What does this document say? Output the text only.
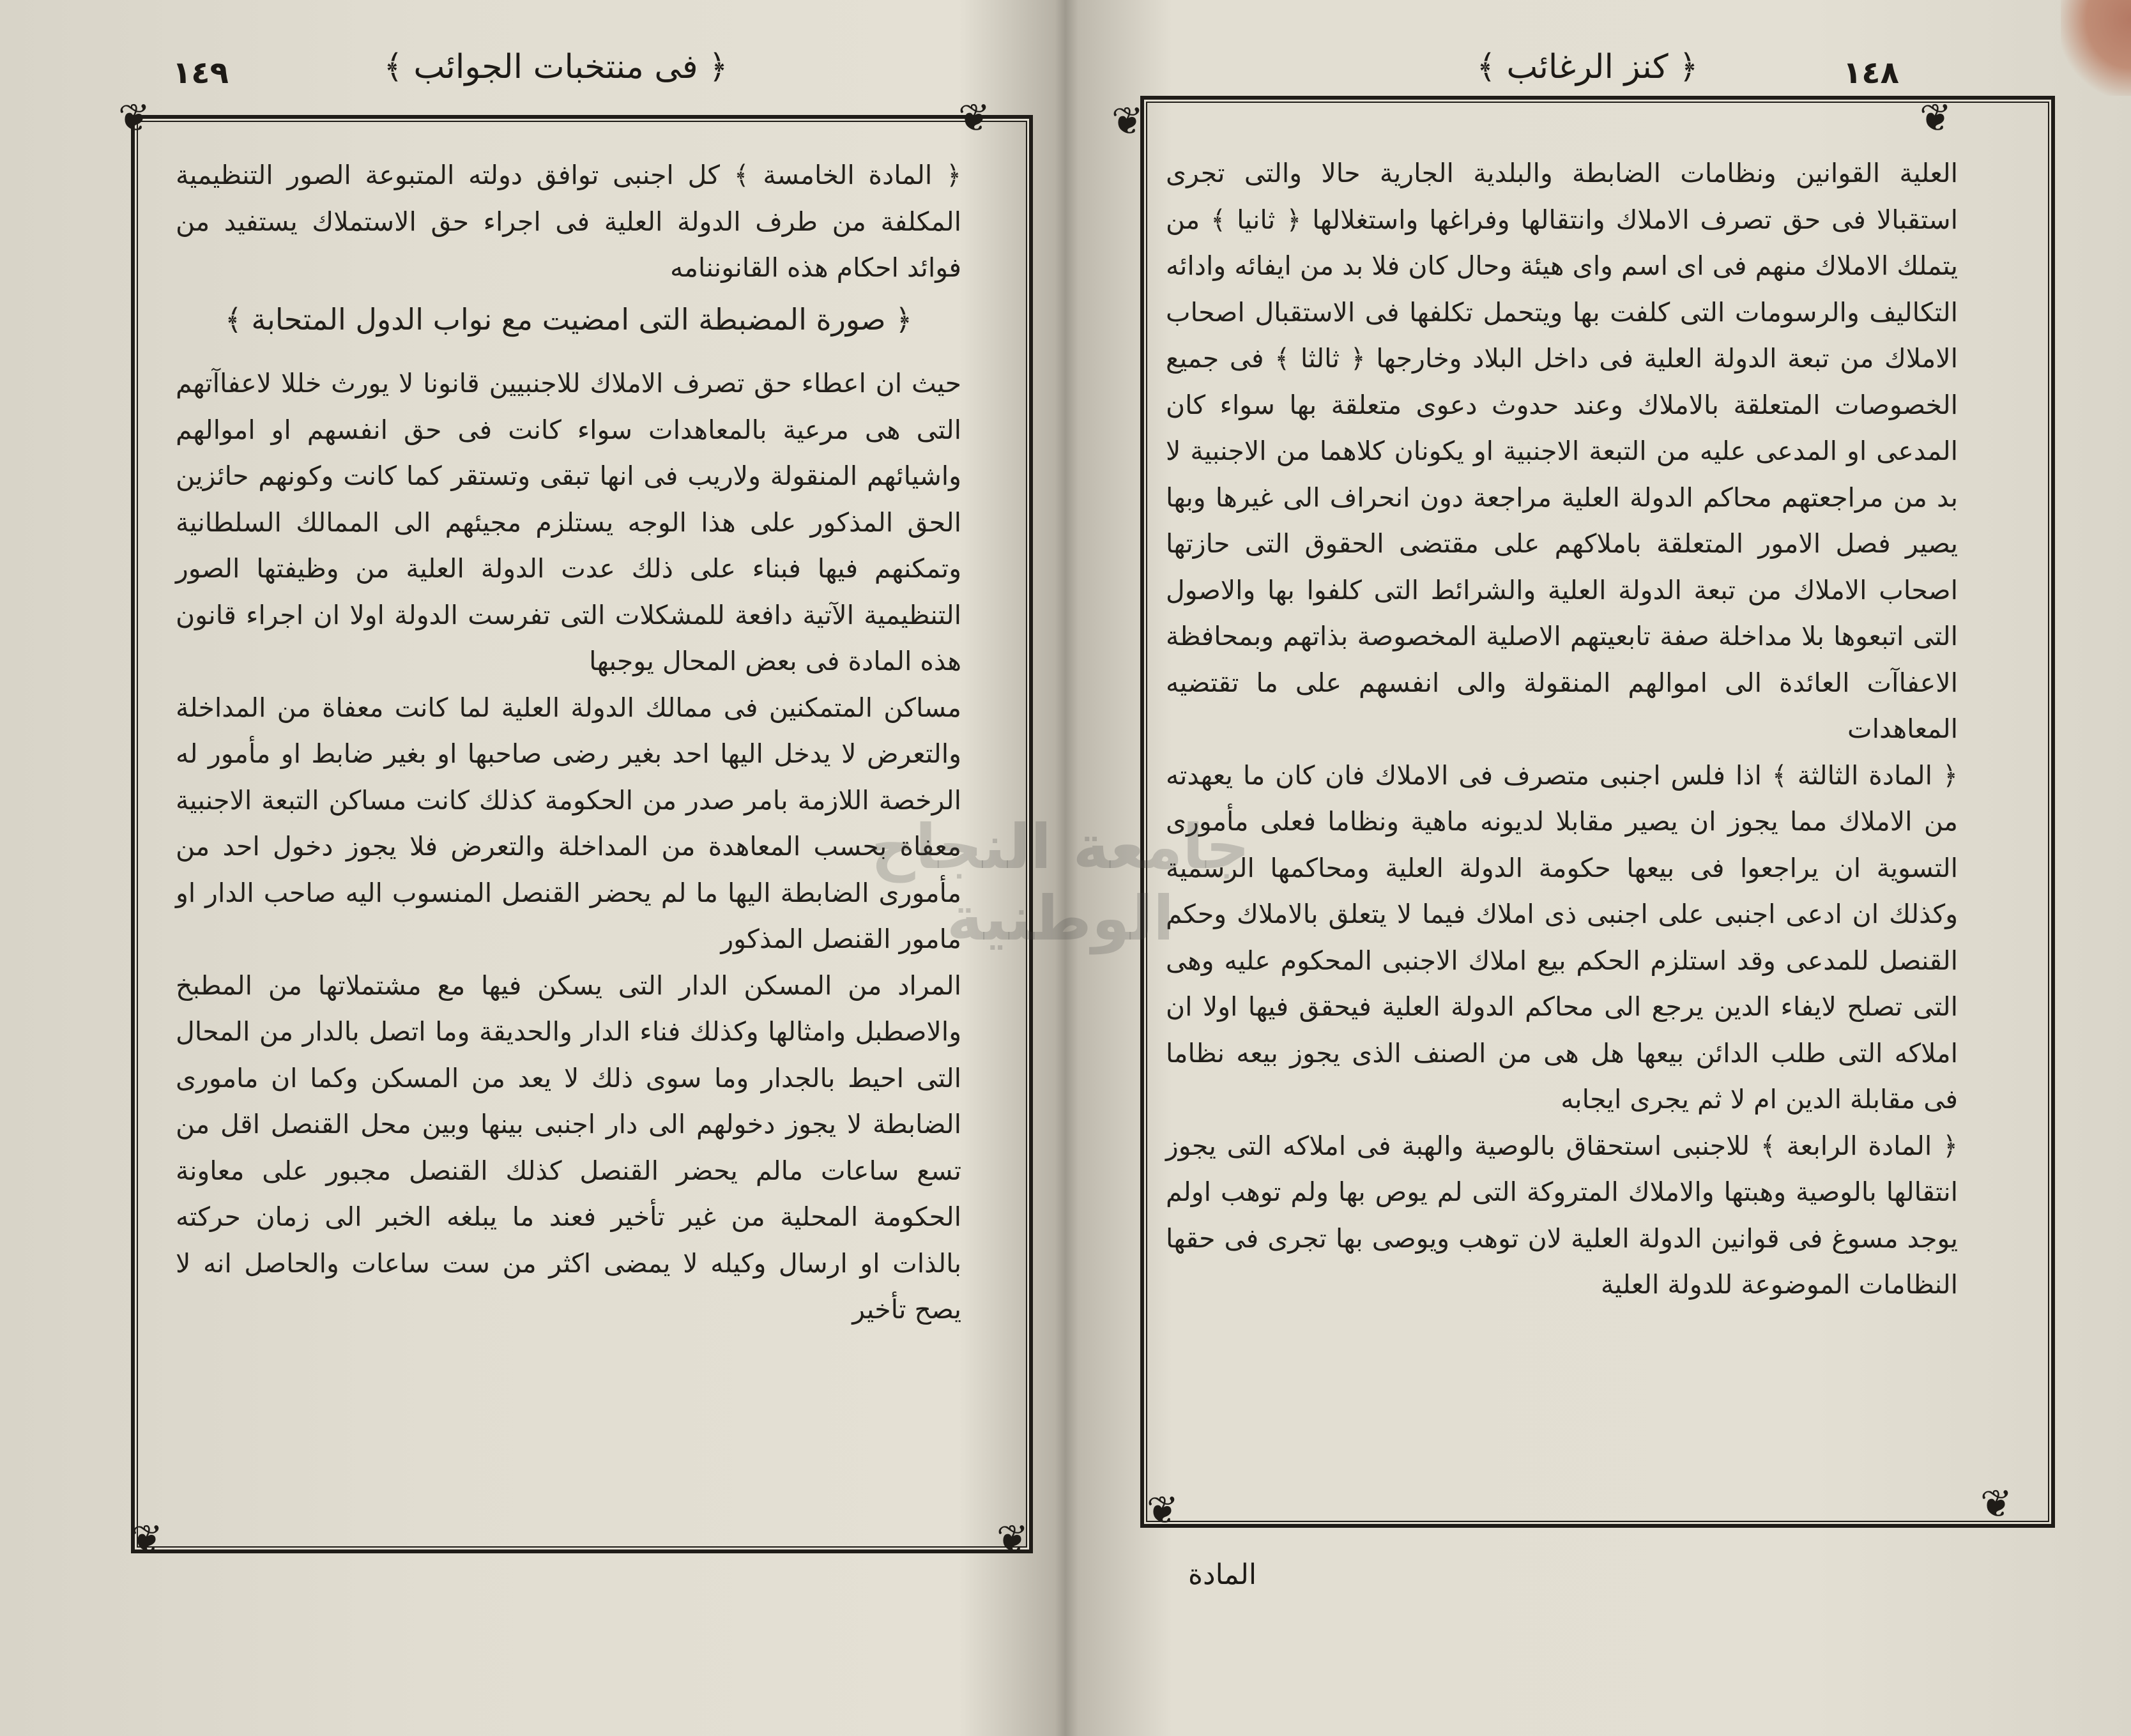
﴿ فى منتخبات الجوائب ﴾
١٤٩
❦	❦
❦	❦

﴿ المادة الخامسة ﴾ كل اجنبى توافق دولته المتبوعة الصور التنظيمية المكلفة من طرف الدولة العلية فى اجراء حق الاستملاك يستفيد من فوائد احكام هذه القانوننامه

﴿ صورة المضبطة التى امضيت مع نواب الدول المتحابة ﴾

حيث ان اعطاء حق تصرف الاملاك للاجنبيين قانونا لا يورث خللا لاعفاآتهم التى هى مرعية بالمعاهدات سواء كانت فى حق انفسهم او اموالهم واشيائهم المنقولة ولاريب فى انها تبقى وتستقر كما كانت وكونهم حائزين الحق المذكور على هذا الوجه يستلزم مجيئهم الى الممالك السلطانية وتمكنهم فيها فبناء على ذلك عدت الدولة العلية من وظيفتها الصور التنظيمية الآتية دافعة للمشكلات التى تفرست الدولة اولا ان اجراء قانون هذه المادة فى بعض المحال يوجبها

مساكن المتمكنين فى ممالك الدولة العلية لما كانت معفاة من المداخلة والتعرض لا يدخل اليها احد بغير رضى صاحبها او بغير ضابط او مأمور له الرخصة اللازمة بامر صدر من الحكومة كذلك كانت مساكن التبعة الاجنبية معفاة بحسب المعاهدة من المداخلة والتعرض فلا يجوز دخول احد من مأمورى الضابطة اليها ما لم يحضر القنصل المنسوب اليه صاحب الدار او مامور القنصل المذكور

المراد من المسكن الدار التى يسكن فيها مع مشتملاتها من المطبخ والاصطبل وامثالها وكذلك فناء الدار والحديقة وما اتصل بالدار من المحال التى احيط بالجدار وما سوى ذلك لا يعد من المسكن وكما ان مامورى الضابطة لا يجوز دخولهم الى دار اجنبى بينها وبين محل القنصل اقل من تسع ساعات مالم يحضر القنصل كذلك القنصل مجبور على معاونة الحكومة المحلية من غير تأخير فعند ما يبلغه الخبر الى زمان حركته بالذات او ارسال وكيله لا يمضى اكثر من ست ساعات والحاصل انه لا يصح تأخير

﴿ كنز الرغائب ﴾	١٤٨
❦	❦
❦	❦

العلية القوانين ونظامات الضابطة والبلدية الجارية حالا والتى تجرى استقبالا فى حق تصرف الاملاك وانتقالها وفراغها واستغلالها ﴿ ثانيا ﴾ من يتملك الاملاك منهم فى اى اسم واى هيئة وحال كان فلا بد من ايفائه وادائه التكاليف والرسومات التى كلفت بها ويتحمل تكلفها فى الاستقبال اصحاب الاملاك من تبعة الدولة العلية فى داخل البلاد وخارجها ﴿ ثالثا ﴾ فى جميع الخصوصات المتعلقة بالاملاك وعند حدوث دعوى متعلقة بها سواء كان المدعى او المدعى عليه من التبعة الاجنبية او يكونان كلاهما من الاجنبية لا بد من مراجعتهم محاكم الدولة العلية مراجعة دون انحراف الى غيرها وبها يصير فصل الامور المتعلقة باملاكهم على مقتضى الحقوق التى حازتها اصحاب الاملاك من تبعة الدولة العلية والشرائط التى كلفوا بها والاصول التى اتبعوها بلا مداخلة صفة تابعيتهم الاصلية المخصوصة بذاتهم وبمحافظة الاعفاآت العائدة الى اموالهم المنقولة والى انفسهم على ما تقتضيه المعاهدات

﴿ المادة الثالثة ﴾ اذا فلس اجنبى متصرف فى الاملاك فان كان ما يعهدته من الاملاك مما يجوز ان يصير مقابلا لديونه ماهية ونظاما فعلى مأمورى التسوية ان يراجعوا فى بيعها حكومة الدولة العلية ومحاكمها الرسمية وكذلك ان ادعى اجنبى على اجنبى ذى املاك فيما لا يتعلق بالاملاك وحكم القنصل للمدعى وقد استلزم الحكم بيع املاك الاجنبى المحكوم عليه وهى التى تصلح لايفاء الدين يرجع الى محاكم الدولة العلية فيحقق فيها اولا ان املاكه التى طلب الدائن بيعها هل هى من الصنف الذى يجوز بيعه نظاما فى مقابلة الدين ام لا ثم يجرى ايجابه

﴿ المادة الرابعة ﴾ للاجنبى استحقاق بالوصية والهبة فى املاكه التى يجوز انتقالها بالوصية وهبتها والاملاك المتروكة التى لم يوص بها ولم توهب اولم يوجد مسوغ فى قوانين الدولة العلية لان توهب ويوصى بها تجرى فى حقها النظامات الموضوعة للدولة العلية

المادة
جامعة النجاح الوطنية
